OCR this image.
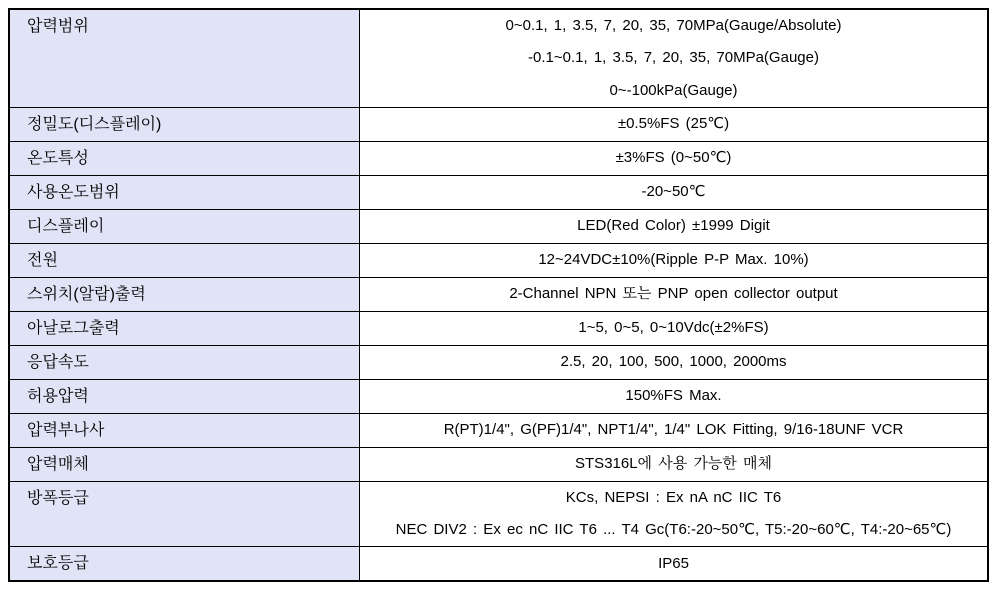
압력범위	0~0.1, 1, 3.5, 7, 20, 35, 70MPa(Gauge/Absolute)
-0.1~0.1, 1, 3.5, 7, 20, 35, 70MPa(Gauge)
0~-100kPa(Gauge)

정밀도(디스플레이)	±0.5%FS (25℃)

온도특성	±3%FS (0~50℃)

사용온도범위	-20~50℃

디스플레이	LED(Red Color) ±1999 Digit

전원	12~24VDC±10%(Ripple P-P Max. 10%)

스위치(알람)출력	2-Channel NPN 또는 PNP open collector output

아날로그출력	1~5, 0~5, 0~10Vdc(±2%FS)

응답속도	2.5, 20, 100, 500, 1000, 2000ms

허용압력	150%FS Max.

압력부나사	R(PT)1/4", G(PF)1/4", NPT1/4", 1/4" LOK Fitting, 9/16-18UNF VCR

압력매체	STS316L에 사용 가능한 매체

방폭등급	KCs, NEPSI : Ex nA nC IIC T6
NEC DIV2 : Ex ec nC IIC T6 ... T4 Gc(T6:-20~50℃, T5:-20~60℃, T4:-20~65℃)

보호등급	IP65
